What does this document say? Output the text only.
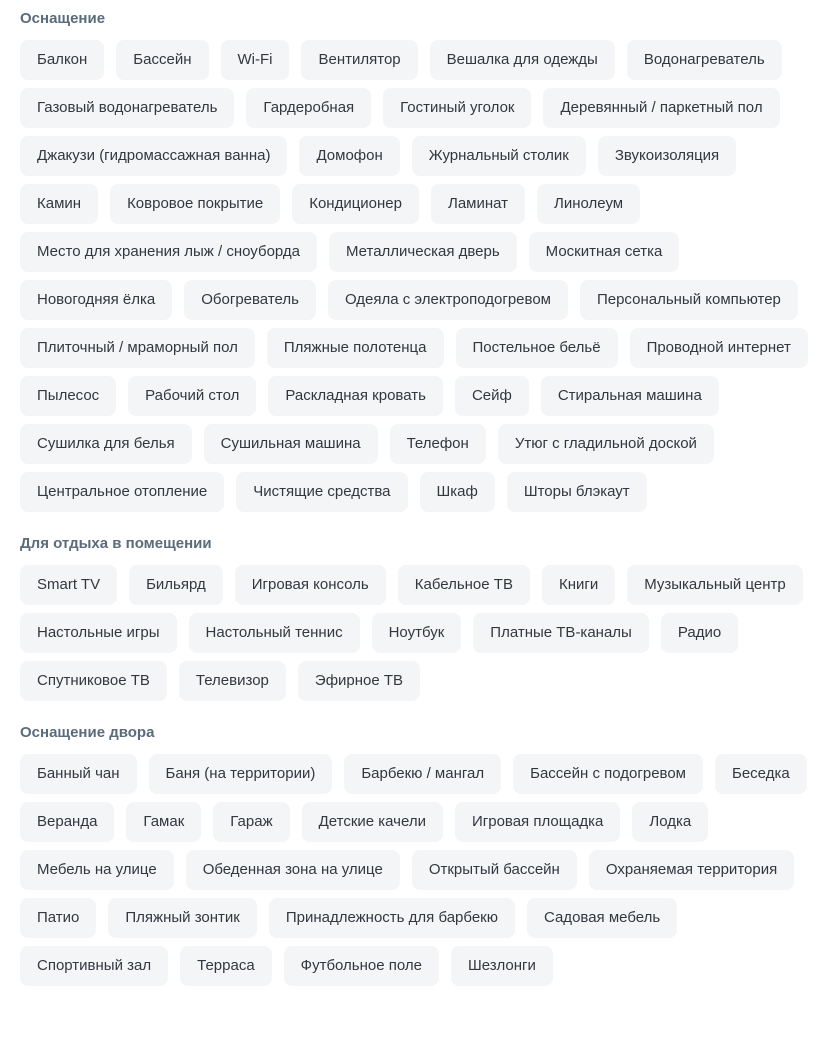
Оснащение
Балкон	Бассейн	Wi-Fi	Вентилятор	Вешалка для одежды	Водонагреватель
Газовый водонагреватель	Гардеробная	Гостиный уголок	Деревянный / паркетный пол
Джакузи (гидромассажная ванна)	Домофон	Журнальный столик	Звукоизоляция
Камин	Ковровое покрытие	Кондиционер	Ламинат	Линолеум
Место для хранения лыж / сноуборда	Металлическая дверь	Москитная сетка
Новогодняя ёлка	Обогреватель	Одеяла с электроподогревом	Персональный компьютер
Плиточный / мраморный пол	Пляжные полотенца	Постельное бельё	Проводной интернет
Пылесос	Рабочий стол	Раскладная кровать	Сейф	Стиральная машина
Сушилка для белья	Сушильная машина	Телефон	Утюг с гладильной доской
Центральное отопление	Чистящие средства	Шкаф	Шторы блэкаут
Для отдыха в помещении
Smart TV	Бильярд	Игровая консоль	Кабельное ТВ	Книги	Музыкальный центр
Настольные игры	Настольный теннис	Ноутбук	Платные ТВ-каналы	Радио
Спутниковое ТВ	Телевизор	Эфирное ТВ
Оснащение двора
Банный чан	Баня (на территории)	Барбекю / мангал	Бассейн с подогревом	Беседка
Веранда	Гамак	Гараж	Детские качели	Игровая площадка	Лодка
Мебель на улице	Обеденная зона на улице	Открытый бассейн	Охраняемая территория
Патио	Пляжный зонтик	Принадлежность для барбекю	Садовая мебель
Спортивный зал	Терраса	Футбольное поле	Шезлонги
